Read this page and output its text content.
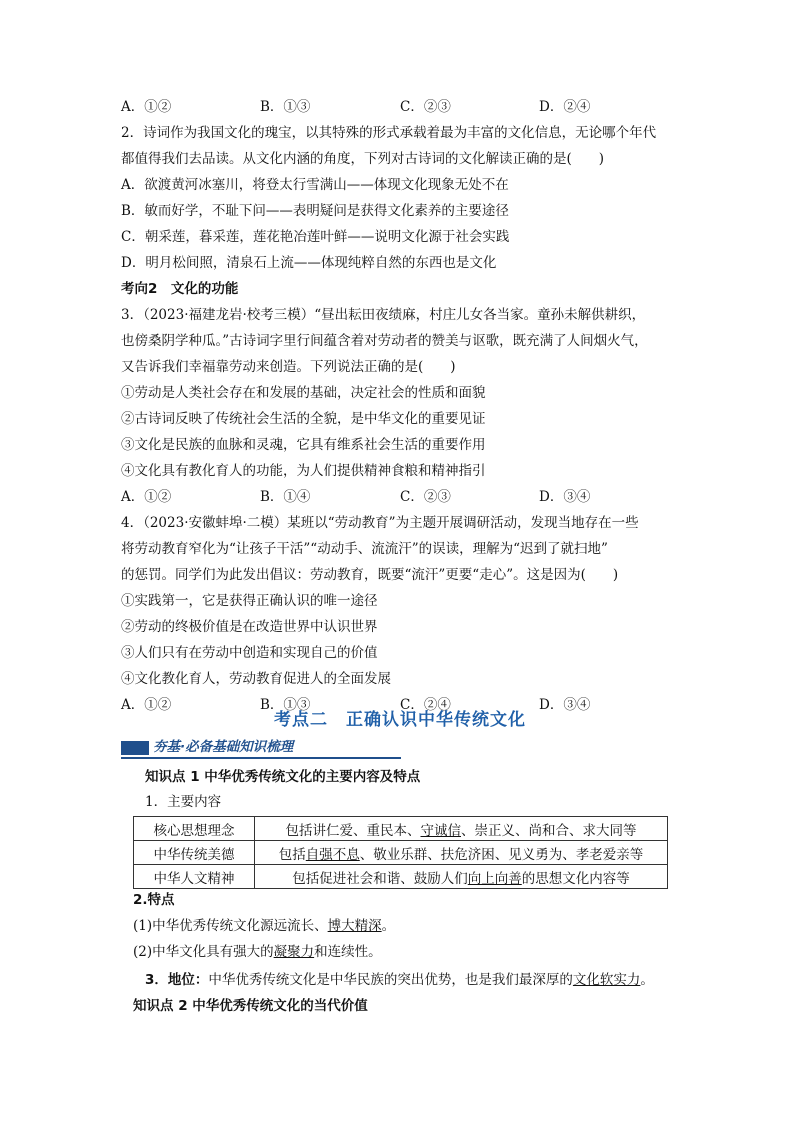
A．①②	B．①③	C．②③	D．②④
2．诗词作为我国文化的瑰宝，以其特殊的形式承载着最为丰富的文化信息，无论哪个年代
都值得我们去品读。从文化内涵的角度，下列对古诗词的文化解读正确的是(　　)
A．欲渡黄河冰塞川，将登太行雪满山——体现文化现象无处不在
B．敏而好学，不耻下问——表明疑问是获得文化素养的主要途径
C．朝采莲，暮采莲，莲花艳冶莲叶鲜——说明文化源于社会实践
D．明月松间照，清泉石上流——体现纯粹自然的东西也是文化
考向2　文化的功能
3．（2023·福建龙岩·校考三模）“昼出耘田夜绩麻，村庄儿女各当家。童孙未解供耕织，
也傍桑阴学种瓜。”古诗词字里行间蕴含着对劳动者的赞美与讴歌，既充满了人间烟火气，
又告诉我们幸福靠劳动来创造。下列说法正确的是(　　)
①劳动是人类社会存在和发展的基础，决定社会的性质和面貌
②古诗词反映了传统社会生活的全貌，是中华文化的重要见证
③文化是民族的血脉和灵魂，它具有维系社会生活的重要作用
④文化具有教化育人的功能，为人们提供精神食粮和精神指引
A．①②	B．①④	C．②③	D．③④
4．（2023·安徽蚌埠·二模）某班以“劳动教育”为主题开展调研活动，发现当地存在一些
将劳动教育窄化为“让孩子干活”“动动手、流流汗”的误读，理解为“迟到了就扫地”
的惩罚。同学们为此发出倡议：劳动教育，既要“流汗”更要“走心”。这是因为(　　)
①实践第一，它是获得正确认识的唯一途径
②劳动的终极价值是在改造世界中认识世界
③人们只有在劳动中创造和实现自己的价值
④文化教化育人，劳动教育促进人的全面发展
A．①②	B．①③	C．②④	D．③④
考点二　正确认识中华传统文化
夯基·必备基础知识梳理
知识点 1 中华优秀传统文化的主要内容及特点
1．主要内容
核心思想理念	包括讲仁爱、重民本、守诚信、崇正义、尚和合、求大同等
中华传统美德	包括自强不息、敬业乐群、扶危济困、见义勇为、孝老爱亲等
中华人文精神	包括促进社会和谐、鼓励人们向上向善的思想文化内容等
2.特点
(1)中华优秀传统文化源远流长、博大精深。
(2)中华文化具有强大的凝聚力和连续性。
3．地位：中华优秀传统文化是中华民族的突出优势，也是我们最深厚的文化软实力。
知识点 2 中华优秀传统文化的当代价值
